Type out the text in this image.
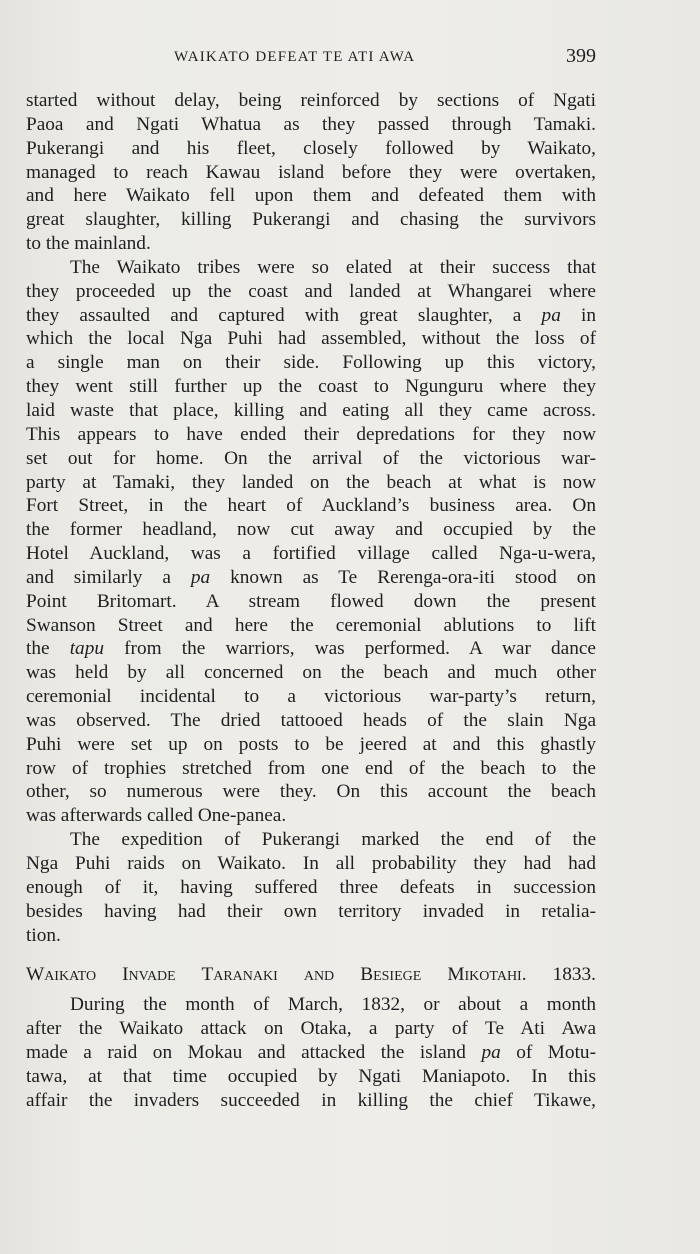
WAIKATO DEFEAT TE ATI AWA	399
started without delay, being reinforced by sections of Ngati
Paoa and Ngati Whatua as they passed through Tamaki.
Pukerangi and his fleet, closely followed by Waikato,
managed to reach Kawau island before they were overtaken,
and here Waikato fell upon them and defeated them with
great slaughter, killing Pukerangi and chasing the survivors
to the mainland.
The Waikato tribes were so elated at their success that
they proceeded up the coast and landed at Whangarei where
they assaulted and captured with great slaughter, a pa in
which the local Nga Puhi had assembled, without the loss of
a single man on their side. Following up this victory,
they went still further up the coast to Ngunguru where they
laid waste that place, killing and eating all they came across.
This appears to have ended their depredations for they now
set out for home. On the arrival of the victorious war-
party at Tamaki, they landed on the beach at what is now
Fort Street, in the heart of Auckland’s business area. On
the former headland, now cut away and occupied by the
Hotel Auckland, was a fortified village called Nga-u-wera,
and similarly a pa known as Te Rerenga-ora-iti stood on
Point Britomart. A stream flowed down the present
Swanson Street and here the ceremonial ablutions to lift
the tapu from the warriors, was performed. A war dance
was held by all concerned on the beach and much other
ceremonial incidental to a victorious war-party’s return,
was observed. The dried tattooed heads of the slain Nga
Puhi were set up on posts to be jeered at and this ghastly
row of trophies stretched from one end of the beach to the
other, so numerous were they. On this account the beach
was afterwards called One-panea.
The expedition of Pukerangi marked the end of the
Nga Puhi raids on Waikato. In all probability they had had
enough of it, having suffered three defeats in succession
besides having had their own territory invaded in retalia-
tion.
Waikato Invade Taranaki and Besiege Mikotahi. 1833.
During the month of March, 1832, or about a month
after the Waikato attack on Otaka, a party of Te Ati Awa
made a raid on Mokau and attacked the island pa of Motu-
tawa, at that time occupied by Ngati Maniapoto. In this
affair the invaders succeeded in killing the chief Tikawe,
